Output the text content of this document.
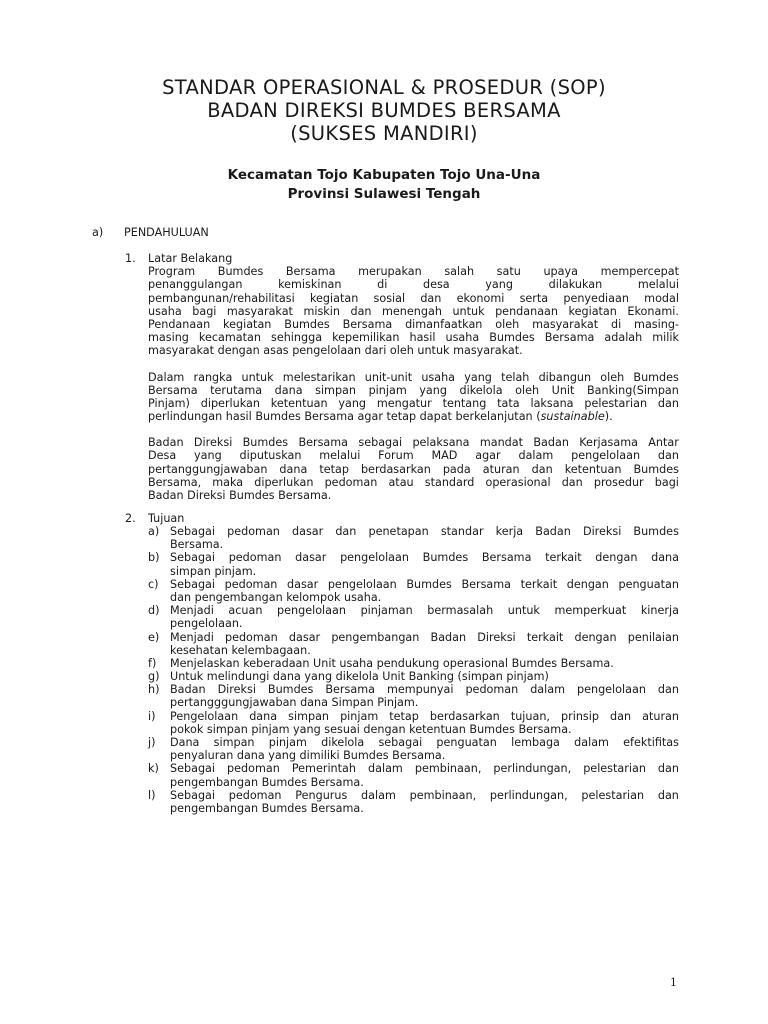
STANDAR OPERASIONAL & PROSEDUR (SOP)
BADAN DIREKSI BUMDES BERSAMA
(SUKSES MANDIRI)
Kecamatan Tojo Kabupaten Tojo Una-Una
Provinsi Sulawesi Tengah
a) PENDAHULUAN
1. Latar Belakang
Program Bumdes Bersama merupakan salah satu upaya mempercepat
penanggulangan	kemiskinan	di	desa	yang	dilakukan	melalui
pembangunan/rehabilitasi kegiatan sosial dan ekonomi serta penyediaan modal
usaha bagi masyarakat miskin dan menengah untuk pendanaan kegiatan Ekonami.
Pendanaan kegiatan Bumdes Bersama dimanfaatkan oleh masyarakat di masing-
masing kecamatan sehingga kepemilikan hasil usaha Bumdes Bersama adalah milik
masyarakat dengan asas pengelolaan dari oleh untuk masyarakat.
Dalam rangka untuk melestarikan unit-unit usaha yang telah dibangun oleh Bumdes
Bersama terutama dana simpan pinjam yang dikelola oleh Unit Banking(Simpan
Pinjam) diperlukan ketentuan yang mengatur tentang tata laksana pelestarian dan
perlindungan hasil Bumdes Bersama agar tetap dapat berkelanjutan (sustainable).
Badan Direksi Bumdes Bersama sebagai pelaksana mandat Badan Kerjasama Antar
Desa yang diputuskan melalui Forum MAD agar dalam pengelolaan dan
pertanggungjawaban dana tetap berdasarkan pada aturan dan ketentuan Bumdes
Bersama, maka diperlukan pedoman atau standard operasional dan prosedur bagi
Badan Direksi Bumdes Bersama.
2. Tujuan
a) Sebagai pedoman dasar dan penetapan standar kerja Badan Direksi Bumdes
Bersama.
b) Sebagai pedoman dasar pengelolaan Bumdes Bersama terkait dengan dana
simpan pinjam.
c) Sebagai pedoman dasar pengelolaan Bumdes Bersama terkait dengan penguatan
dan pengembangan kelompok usaha.
d) Menjadi acuan pengelolaan pinjaman bermasalah untuk memperkuat kinerja
pengelolaan.
e) Menjadi pedoman dasar pengembangan Badan Direksi terkait dengan penilaian
kesehatan kelembagaan.
f) Menjelaskan keberadaan Unit usaha pendukung operasional Bumdes Bersama.
g) Untuk melindungi dana yang dikelola Unit Banking (simpan pinjam)
h) Badan Direksi Bumdes Bersama mempunyai pedoman dalam pengelolaan dan
pertangggungjawaban dana Simpan Pinjam.
i) Pengelolaan dana simpan pinjam tetap berdasarkan tujuan, prinsip dan aturan
pokok simpan pinjam yang sesuai dengan ketentuan Bumdes Bersama.
j) Dana simpan pinjam dikelola sebagai penguatan lembaga dalam efektifitas
penyaluran dana yang dimiliki Bumdes Bersama.
k) Sebagai pedoman Pemerintah dalam pembinaan, perlindungan, pelestarian dan
pengembangan Bumdes Bersama.
l) Sebagai pedoman Pengurus dalam pembinaan, perlindungan, pelestarian dan
pengembangan Bumdes Bersama.
1
